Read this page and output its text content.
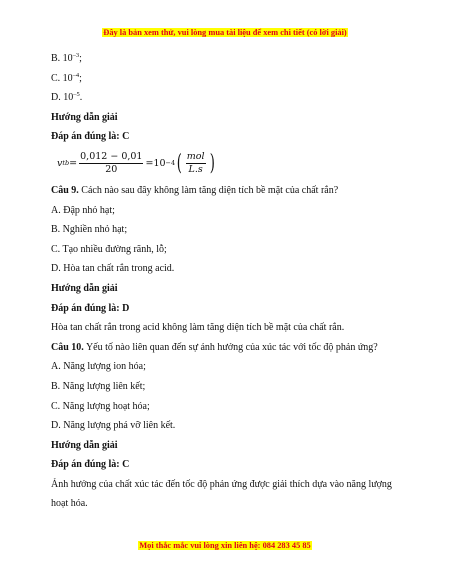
Đây là bản xem thử, vui lòng mua tài liệu để xem chi tiết (có lời giải)
B. $10^{-3}$;
C. $10^{-4}$;
D. $10^{-5}$.
Hướng dẫn giải
Đáp án đúng là: C
v tb = $\frac{0,012 - 0,01}{20} =10 -4$ ( $\frac{\text{mol}}{L.s}$ )
Câu 9. Cách nào sau đây không làm tăng diện tích bề mặt của chất rắn?
A. Đập nhỏ hạt;
B. Nghiền nhỏ hạt;
C. Tạo nhiều đường rãnh, lỗ;
D. Hòa tan chất rắn trong acid.
Hướng dẫn giải
Đáp án đúng là: D
Hòa tan chất rắn trong acid không làm tăng diện tích bề mặt của chất rắn.
Câu 10. Yếu tố nào liên quan đến sự ảnh hưởng của xúc tác với tốc độ phản ứng?
A. Năng lượng ion hóa;
B. Năng lượng liên kết;
C. Năng lượng hoạt hóa;
D. Năng lượng phá vỡ liên kết.
Hướng dẫn giải
Đáp án đúng là: C
Ảnh hưởng của chất xúc tác đến tốc độ phản ứng được giải thích dựa vào năng lượng hoạt hóa.
Mọi thắc mắc vui lòng xin liên hệ: 084 283 45 85
